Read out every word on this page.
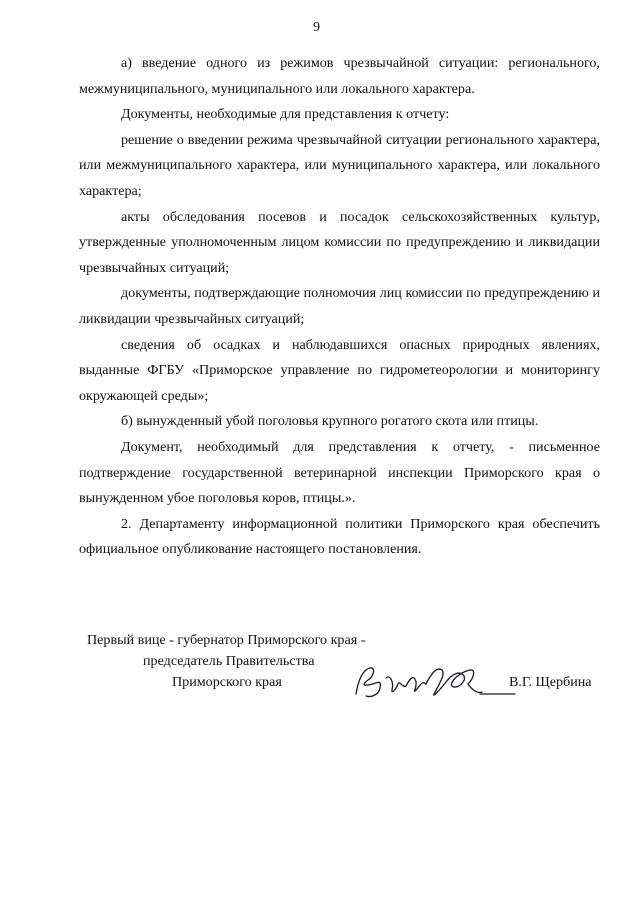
9

а) введение одного из режимов чрезвычайной ситуации: регионального, межмуниципального, муниципального или локального характера.

Документы, необходимые для представления к отчету:

решение о введении режима чрезвычайной ситуации регионального характера, или межмуниципального характера, или муниципального характера, или локального характера;

акты обследования посевов и посадок сельскохозяйственных культур, утвержденные уполномоченным лицом комиссии по предупреждению и ликвидации чрезвычайных ситуаций;

документы, подтверждающие полномочия лиц комиссии по предупреждению и ликвидации чрезвычайных ситуаций;

сведения об осадках и наблюдавшихся опасных природных явлениях, выданные ФГБУ «Приморское управление по гидрометеорологии и мониторингу окружающей среды»;

б) вынужденный убой поголовья крупного рогатого скота или птицы.

Документ, необходимый для представления к отчету, - письменное подтверждение государственной ветеринарной инспекции Приморского края о вынужденном убое поголовья коров, птицы.».

2. Департаменту информационной политики Приморского края обеспечить официальное опубликование настоящего постановления.

Первый вице - губернатор Приморского края -
председатель Правительства
Приморского края	В.Г. Щербина
